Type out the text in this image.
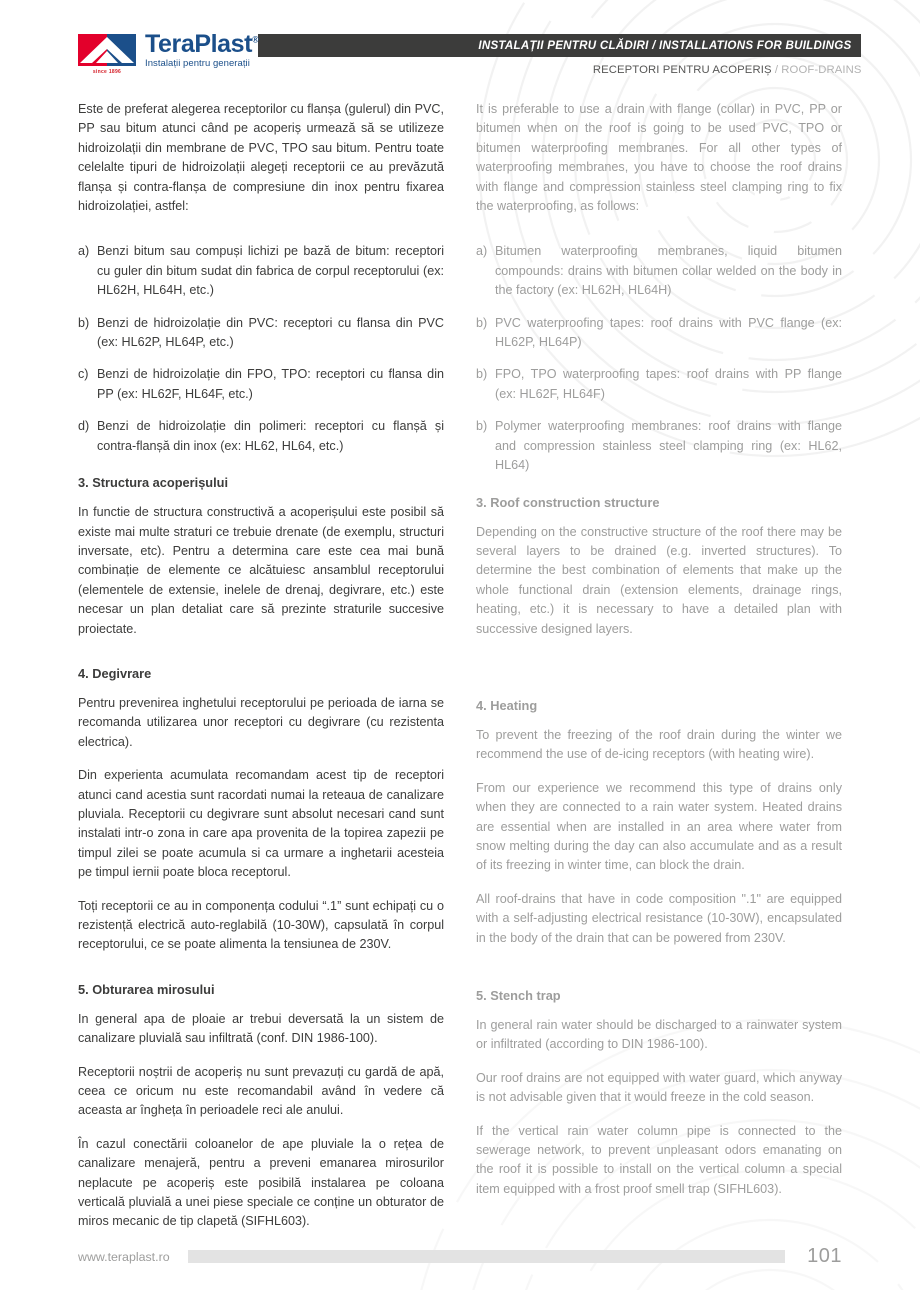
since 1896
TeraPlast®
Instalații pentru generații
INSTALAȚII PENTRU CLĂDIRI / INSTALLATIONS FOR BUILDINGS
RECEPTORI PENTRU ACOPERIȘ / ROOF-DRAINS

Este de preferat alegerea receptorilor cu flanșa (gulerul) din PVC, PP sau bitum atunci când pe acoperiș urmează să se utilizeze hidroizolații din membrane de PVC, TPO sau bitum. Pentru toate celelalte tipuri de hidroizolații alegeți receptorii ce au prevăzută flanșa și contra-flanșa de compresiune din inox pentru fixarea hidroizolației, astfel:

a) Benzi bitum sau compuși lichizi pe bază de bitum: receptori cu guler din bitum sudat din fabrica de corpul receptorului (ex: HL62H, HL64H, etc.)
b) Benzi de hidroizolație din PVC: receptori cu flansa din PVC (ex: HL62P, HL64P, etc.)
c) Benzi de hidroizolație din FPO, TPO: receptori cu flansa din PP (ex: HL62F, HL64F, etc.)
d) Benzi de hidroizolație din polimeri: receptori cu flanșă și contra-flanșă din inox (ex: HL62, HL64, etc.)
3. Structura acoperișului

In functie de structura constructivă a acoperișului este posibil să existe mai multe straturi ce trebuie drenate (de exemplu, structuri inversate, etc). Pentru a determina care este cea mai bună combinație de elemente ce alcătuiesc ansamblul receptorului (elementele de extensie, inelele de drenaj, degivrare, etc.) este necesar un plan detaliat care să prezinte straturile succesive proiectate.

4. Degivrare

Pentru prevenirea inghetului receptorului pe perioada de iarna se recomanda utilizarea unor receptori cu degivrare (cu rezistenta electrica).

Din experienta acumulata recomandam acest tip de receptori atunci cand acestia sunt racordati numai la reteaua de canalizare pluviala. Receptorii cu degivrare sunt absolut necesari cand sunt instalati intr-o zona in care apa provenita de la topirea zapezii pe timpul zilei se poate acumula si ca urmare a inghetarii acesteia pe timpul iernii poate bloca receptorul.

Toți receptorii ce au in componența codului “.1” sunt echipați cu o rezistență electrică auto-reglabilă (10-30W), capsulată în corpul receptorului, ce se poate alimenta la tensiunea de 230V.

5. Obturarea mirosului

In general apa de ploaie ar trebui deversată la un sistem de canalizare pluvială sau infiltrată (conf. DIN 1986-100).

Receptorii noștrii de acoperiș nu sunt prevazuți cu gardă de apă, ceea ce oricum nu este recomandabil având în vedere că aceasta ar îngheța în perioadele reci ale anului.

În cazul conectării coloanelor de ape pluviale la o rețea de canalizare menajeră, pentru a preveni emanarea mirosurilor neplacute pe acoperiș este posibilă instalarea pe coloana verticală pluvială a unei piese speciale ce conține un obturator de miros mecanic de tip clapetă (SIFHL603).

It is preferable to use a drain with flange (collar) in PVC, PP or bitumen when on the roof is going to be used PVC, TPO or bitumen waterproofing membranes. For all other types of waterproofing membranes, you have to choose the roof drains with flange and compression stainless steel clamping ring to fix the waterproofing, as follows:

a) Bitumen waterproofing membranes, liquid bitumen compounds: drains with bitumen collar welded on the body in the factory (ex: HL62H, HL64H)
b) PVC waterproofing tapes: roof drains with PVC flange (ex: HL62P, HL64P)
b) FPO, TPO waterproofing tapes: roof drains with PP flange (ex: HL62F, HL64F)
b) Polymer waterproofing membranes: roof drains with flange and compression stainless steel clamping ring (ex: HL62, HL64)
3. Roof construction structure

Depending on the constructive structure of the roof there may be several layers to be drained (e.g. inverted structures). To determine the best combination of elements that make up the whole functional drain (extension elements, drainage rings, heating, etc.) it is necessary to have a detailed plan with successive designed layers.

4. Heating

To prevent the freezing of the roof drain during the winter we recommend the use of de-icing receptors (with heating wire).

From our experience we recommend this type of drains only when they are connected to a rain water system. Heated drains are essential when are installed in an area where water from snow melting during the day can also accumulate and as a result of its freezing in winter time, can block the drain.

All roof-drains that have in code composition ".1" are equipped with a self-adjusting electrical resistance (10-30W), encapsulated in the body of the drain that can be powered from 230V.

5. Stench trap

In general rain water should be discharged to a rainwater system or infiltrated (according to DIN 1986-100).

Our roof drains are not equipped with water guard, which anyway is not advisable given that it would freeze in the cold season.

If the vertical rain water column pipe is connected to the sewerage network, to prevent unpleasant odors emanating on the roof it is possible to install on the vertical column a special item equipped with a frost proof smell trap (SIFHL603).

www.teraplast.ro	101
